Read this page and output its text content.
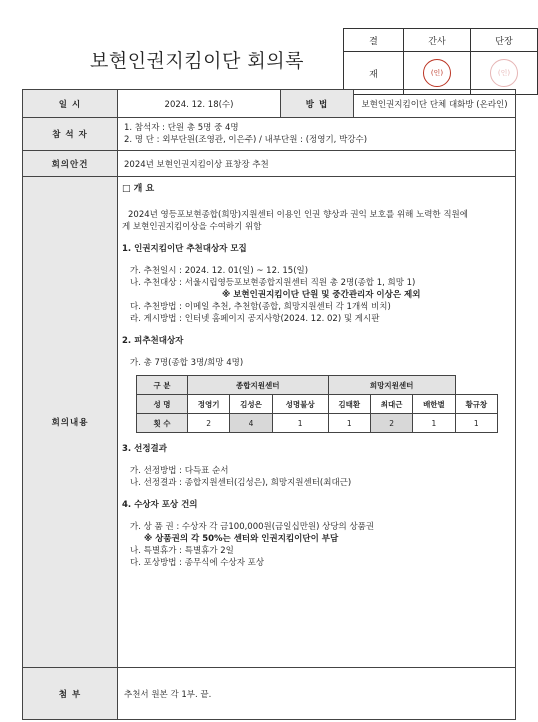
보현인권지킴이단 회의록
결	간사	단장
재	(인)	(인)
일 시	2024. 12. 18(수)	방 법	보현인권지킴이단 단체 대화방 (온라인)
참 석 자	

1. 참석자 : 단원 총 5명 중 4명

2. 명 단 : 외부단원(조영관, 이은주) / 내부단원 : (정영기, 박강수)

회의안건	2024년 보현인권지킴이상 표창장 추천
회의내용	

□ 개 요

2024년 영등포보현종합(희망)지원센터 이용인 인권 향상과 권익 보호를 위해 노력한 직원에

게 보현인권지킴이상을 수여하기 위함

1. 인권지킴이단 추천대상자 모집

가. 추천일시 : 2024. 12. 01(일) ~ 12. 15(일)

나. 추천대상 : 서울시립영등포보현종합지원센터 직원 총 2명(종합 1, 희망 1)

※ 보현인권지킴이단 단원 및 중간관리자 이상은 제외

다. 추천방법 : 이메일 추천, 추천함(종합, 희망지원센터 각 1개씩 비치)

라. 게시방법 : 인터넷 홈페이지 공지사항(2024. 12. 02) 및 게시판

2. 피추천대상자

가. 총 7명(종합 3명/희망 4명)

구 분	종합지원센터	희망지원센터
성 명	정영기	김성은	성명불상	김태환	최대근	배한별	황규창
횟 수	2	4	1	1	2	1	1

3. 선정결과

가. 선정방법 : 다득표 순서

나. 선정결과 : 종합지원센터(김성은), 희망지원센터(최대근)

4. 수상자 포상 건의

가. 상 품 권 : 수상자 각 금100,000원(금일십만원) 상당의 상품권

※ 상품권의 각 50%는 센터와 인권지킴이단이 부담

나. 특별휴가 : 특별휴가 2일

다. 포상방법 : 종무식에 수상자 포상

첨 부	추천서 원본 각 1부. 끝.
